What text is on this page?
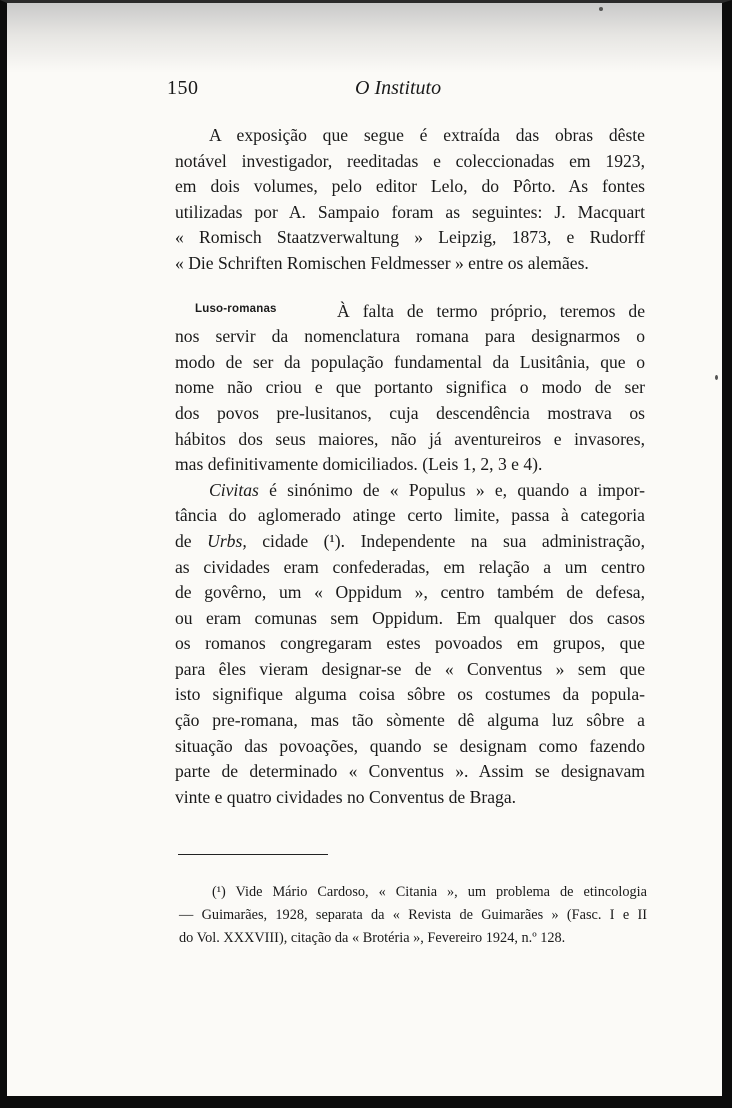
150	O Instituto
A exposição que segue é extraída das obras dêste
notável investigador, reeditadas e coleccionadas em 1923,
em dois volumes, pelo editor Lelo, do Pôrto. As fontes
utilizadas por A. Sampaio foram as seguintes: J. Macquart
« Romisch Staatzverwaltung » Leipzig, 1873, e Rudorff
« Die Schriften Romischen Feldmesser » entre os alemães.
Luso-romanas	À falta de termo próprio, teremos de
nos servir da nomenclatura romana para designarmos o
modo de ser da população fundamental da Lusitânia, que o
nome não criou e que portanto significa o modo de ser
dos povos pre-lusitanos, cuja descendência mostrava os
hábitos dos seus maiores, não já aventureiros e invasores,
mas definitivamente domiciliados. (Leis 1, 2, 3 e 4).
Civitas é sinónimo de « Populus » e, quando a impor-
tância do aglomerado atinge certo limite, passa à categoria
de Urbs, cidade (¹). Independente na sua administração,
as cividades eram confederadas, em relação a um centro
de govêrno, um « Oppidum », centro também de defesa,
ou eram comunas sem Oppidum. Em qualquer dos casos
os romanos congregaram estes povoados em grupos, que
para êles vieram designar-se de « Conventus » sem que
isto signifique alguma coisa sôbre os costumes da popula-
ção pre-romana, mas tão sòmente dê alguma luz sôbre a
situação das povoações, quando se designam como fazendo
parte de determinado « Conventus ». Assim se designavam
vinte e quatro cividades no Conventus de Braga.
(¹) Vide Mário Cardoso, « Citania », um problema de etincologia
— Guimarães, 1928, separata da « Revista de Guimarães » (Fasc. I e II
do Vol. XXXVIII), citação da « Brotéria », Fevereiro 1924, n.º 128.
